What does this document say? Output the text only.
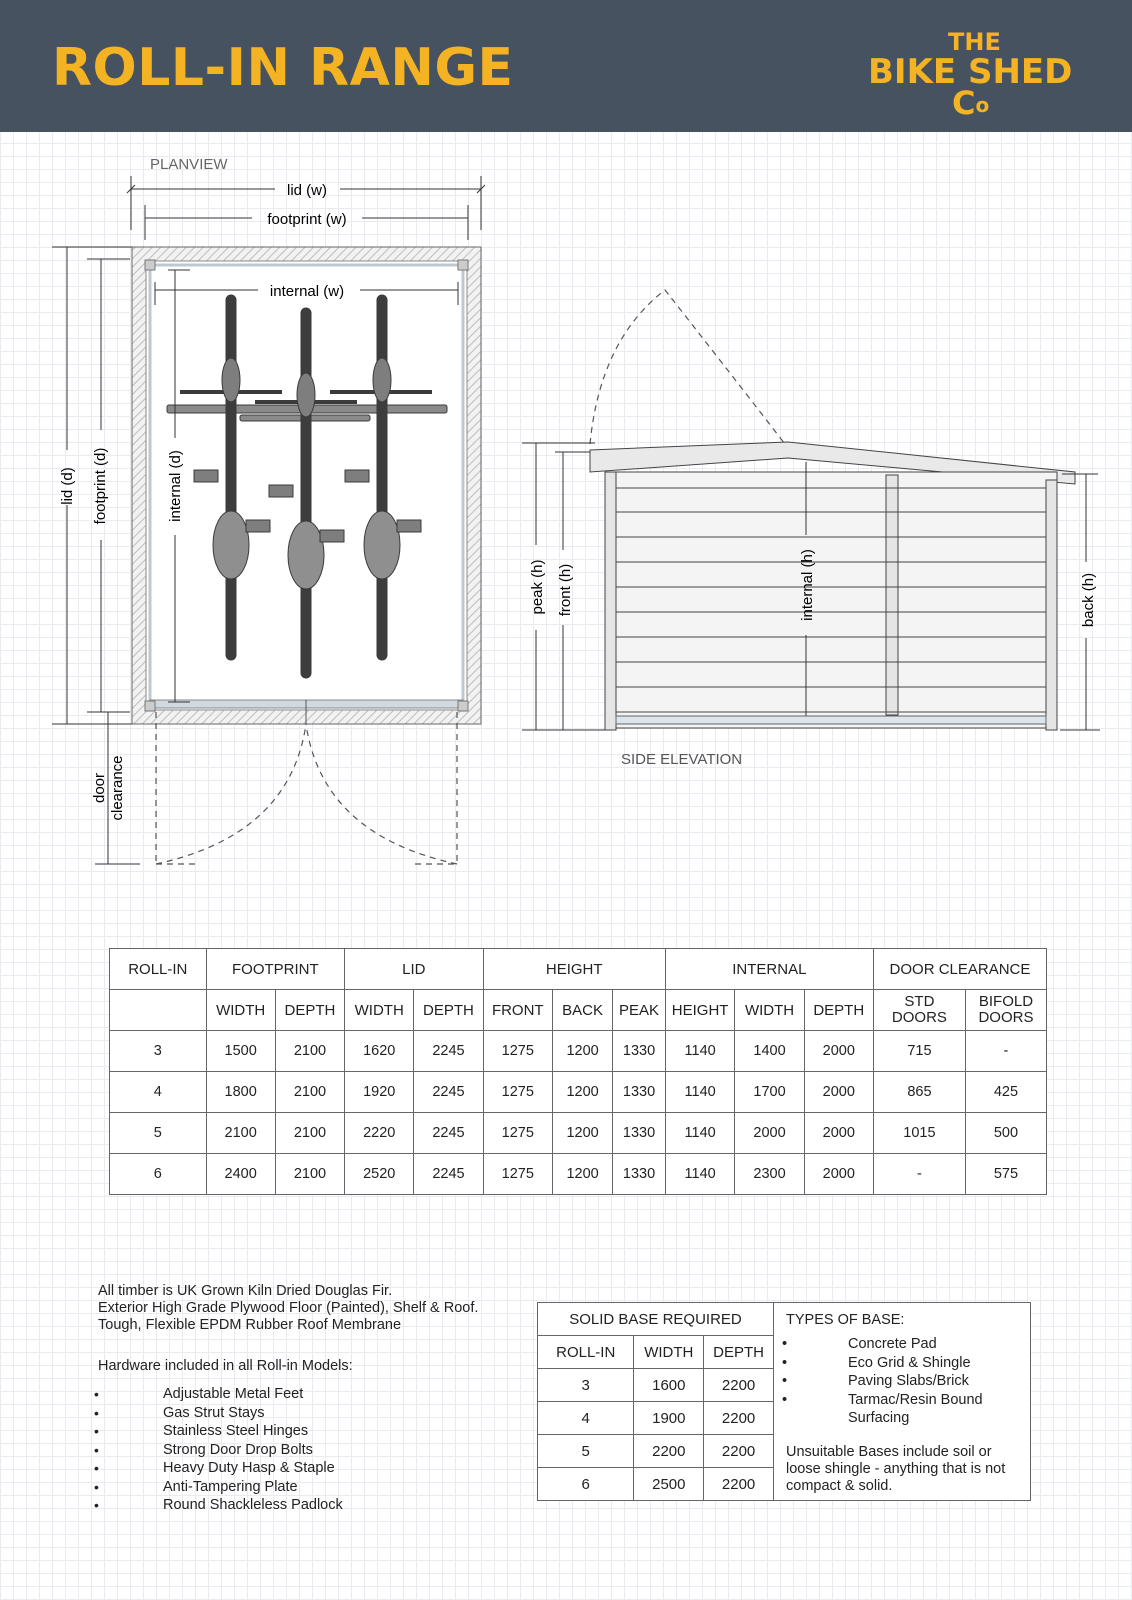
ROLL-IN RANGE	THE
BIKE SHED
$C_o$
PLANVIEW
lid (w)
footprint (w)
internal (w)
lid (d) footprint (d)	internal (d)
door clearance
peak (h) front (h)	internal (h)	back (h)
SIDE ELEVATION
ROLL-IN	FOOTPRINT		LID		HEIGHT			INTERNAL			DOOR CLEARANCE	
	WIDTH	DEPTH	WIDTH	DEPTH	FRONT	BACK	PEAK	HEIGHT	WIDTH	DEPTH	STD DOORS	BIFOLD DOORS
3	1500	2100	1620	2245	1275	1200	1330	1140	1400	2000	715	-
4	1800	2100	1920	2245	1275	1200	1330	1140	1700	2000	865	425
5	2100	2100	2220	2245	1275	1200	1330	1140	2000	2000	1015	500
6	2400	2100	2520	2245	1275	1200	1330	1140	2300	2000	-	575
All timber is UK Grown Kiln Dried Douglas Fir.
Exterior High Grade Plywood Floor (Painted), Shelf & Roof.
Tough, Flexible EPDM Rubber Roof Membrane
Hardware included in all Roll-in Models:
• Adjustable Metal Feet
• Gas Strut Stays
• Stainless Steel Hinges
• Strong Door Drop Bolts
• Heavy Duty Hasp & Staple
• Anti-Tampering Plate
• Round Shackleless Padlock
SOLID BASE REQUIRED		
ROLL-IN	WIDTH	DEPTH
3	1600	2200
4	1900	2200
5	2200	2200
6	2500	2200
TYPES OF BASE:
• Concrete Pad
• Eco Grid & Shingle
• Paving Slabs/Brick
• Tarmac/Resin Bound Surfacing
Unsuitable Bases include soil or loose shingle - anything that is not compact & solid.
